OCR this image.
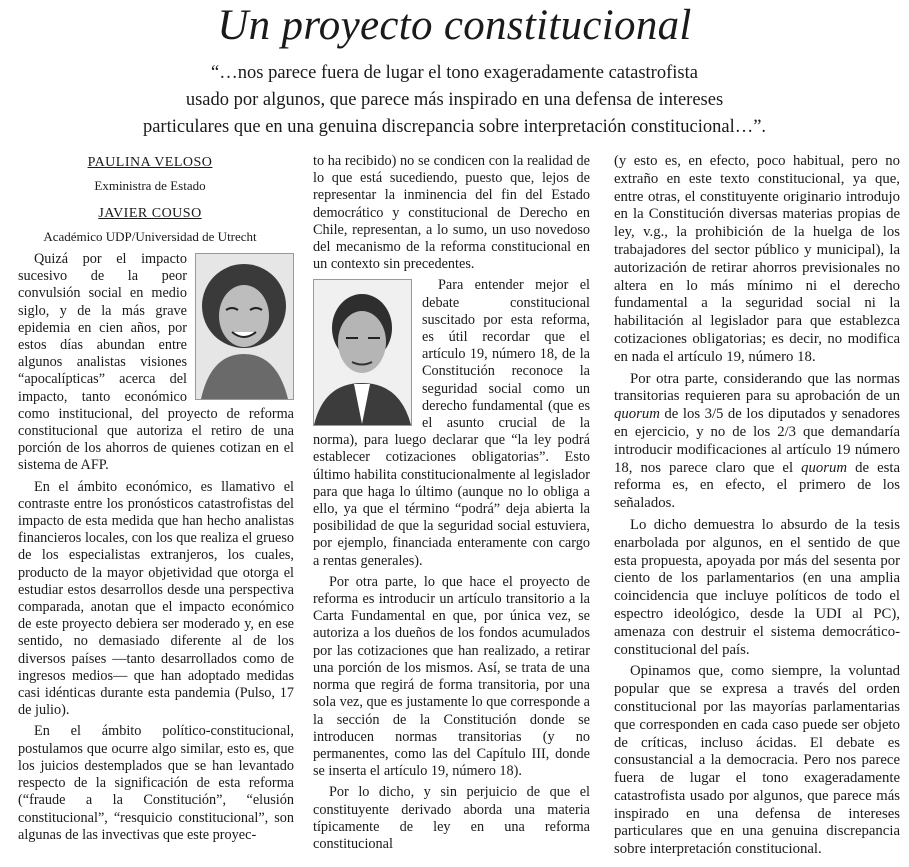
Un proyecto constitucional
“…nos parece fuera de lugar el tono exageradamente catastrofista
usado por algunos, que parece más inspirado en una defensa de intereses
particulares que en una genuina discrepancia sobre interpretación constitucional…”.
PAULINA VELOSO
Exministra de Estado
JAVIER COUSO
Académico UDP/Universidad de Utrecht

Quizá por el impacto sucesivo de la peor convulsión social en medio siglo, y de la más grave epidemia en cien años, por estos días abundan entre algunos analistas visiones “apocalípticas” acerca del impacto, tanto económico como institucional, del proyecto de reforma constitucional que autoriza el retiro de una porción de los ahorros de quienes cotizan en el sistema de AFP.

En el ámbito económico, es llamativo el contraste entre los pronósticos catastrofistas del impacto de esta medida que han hecho analistas financieros locales, con los que realiza el grueso de los especialistas extranjeros, los cuales, producto de la mayor objetividad que otorga el estudiar estos desarrollos desde una perspectiva comparada, anotan que el impacto económico de este proyecto debiera ser moderado y, en ese sentido, no demasiado diferente al de los diversos países —tanto desarrollados como de ingresos medios— que han adoptado medidas casi idénticas durante esta pandemia (Pulso, 17 de julio).

En el ámbito político-constitucional, postulamos que ocurre algo similar, esto es, que los juicios destemplados que se han levantado respecto de la significación de esta reforma (“fraude a la Constitución”, “elusión constitucional”, “resquicio constitucional”, son algunas de las invectivas que este proyec-

to ha recibido) no se condicen con la realidad de lo que está sucediendo, puesto que, lejos de representar la inminencia del fin del Estado democrático y constitucional de Derecho en Chile, representan, a lo sumo, un uso novedoso del mecanismo de la reforma constitucional en un contexto sin precedentes.

Para entender mejor el debate constitucional suscitado por esta reforma, es útil recordar que el artículo 19, número 18, de la Constitución reconoce la seguridad social como un derecho fundamental (que es el asunto crucial de la norma), para luego declarar que “la ley podrá establecer cotizaciones obligatorias”. Esto último habilita constitucionalmente al legislador para que haga lo último (aunque no lo obliga a ello, ya que el término “podrá” deja abierta la posibilidad de que la seguridad social estuviera, por ejemplo, financiada enteramente con cargo a rentas generales).

Por otra parte, lo que hace el proyecto de reforma es introducir un artículo transitorio a la Carta Fundamental en que, por única vez, se autoriza a los dueños de los fondos acumulados por las cotizaciones que han realizado, a retirar una porción de los mismos. Así, se trata de una norma que regirá de forma transitoria, por una sola vez, que es justamente lo que corresponde a la sección de la Constitución donde se introducen normas transitorias (y no permanentes, como las del Capítulo III, donde se inserta el artículo 19, número 18).

Por lo dicho, y sin perjuicio de que el constituyente derivado aborda una materia típicamente de ley en una reforma constitucional

(y esto es, en efecto, poco habitual, pero no extraño en este texto constitucional, ya que, entre otras, el constituyente originario introdujo en la Constitución diversas materias propias de ley, v.g., la prohibición de la huelga de los trabajadores del sector público y municipal), la autorización de retirar ahorros previsionales no altera en lo más mínimo ni el derecho fundamental a la seguridad social ni la habilitación al legislador para que establezca cotizaciones obligatorias; es decir, no modifica en nada el artículo 19, número 18.

Por otra parte, considerando que las normas transitorias requieren para su aprobación de un quorum de los 3/5 de los diputados y senadores en ejercicio, y no de los 2/3 que demandaría introducir modificaciones al artículo 19 número 18, nos parece claro que el quorum de esta reforma es, en efecto, el primero de los señalados.

Lo dicho demuestra lo absurdo de la tesis enarbolada por algunos, en el sentido de que esta propuesta, apoyada por más del sesenta por ciento de los parlamentarios (en una amplia coincidencia que incluye políticos de todo el espectro ideológico, desde la UDI al PC), amenaza con destruir el sistema democrático-constitucional del país.

Opinamos que, como siempre, la voluntad popular que se expresa a través del orden constitucional por las mayorías parlamentarias que corresponden en cada caso puede ser objeto de críticas, incluso ácidas. El debate es consustancial a la democracia. Pero nos parece fuera de lugar el tono exageradamente catastrofista usado por algunos, que parece más inspirado en una defensa de intereses particulares que en una genuina discrepancia sobre interpretación constitucional.
